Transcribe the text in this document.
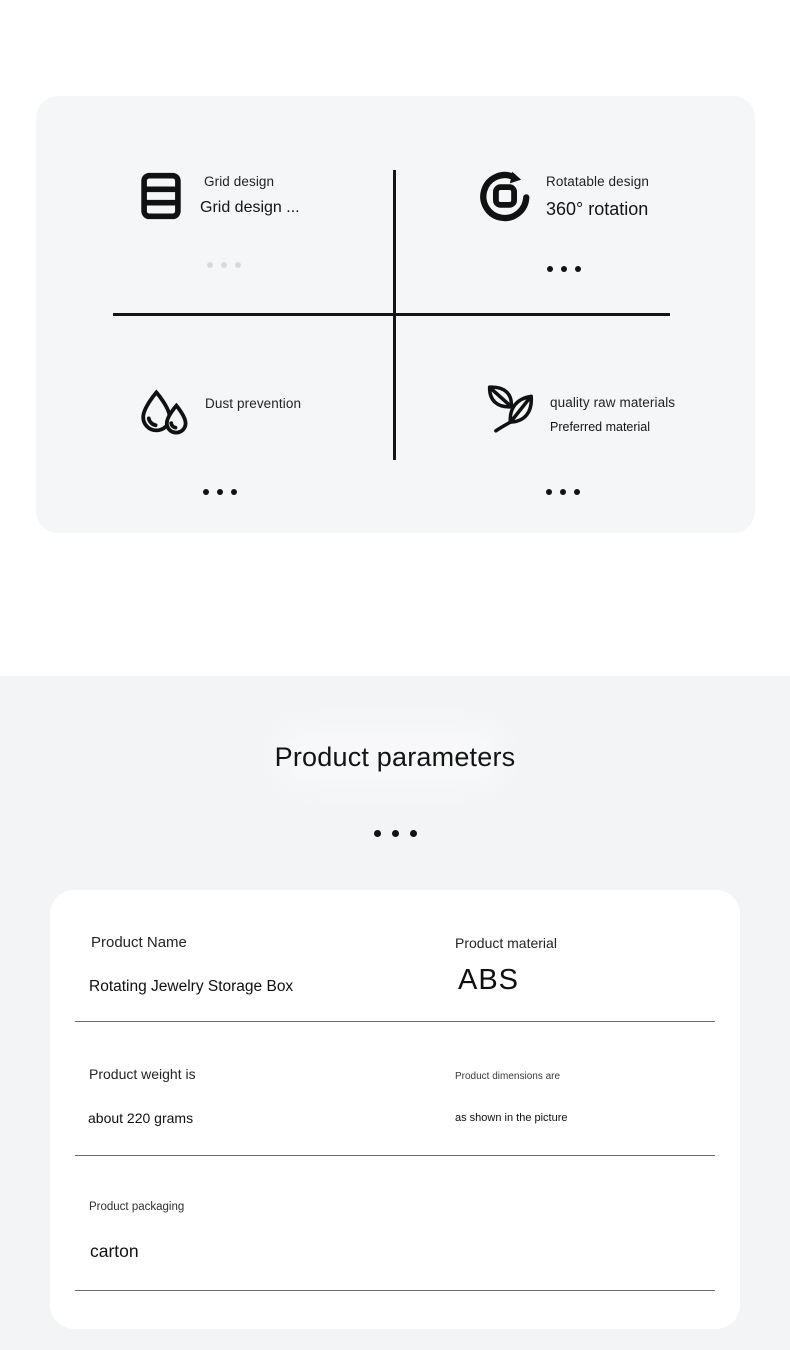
Grid design
Grid design ...
Rotatable design
360° rotation
Dust prevention	quality raw materials
Preferred material
Product parameters
Product Name
Rotating Jewelry Storage Box
Product material
ABS
Product weight is
about 220 grams
Product dimensions are
as shown in the picture
Product packaging
carton
